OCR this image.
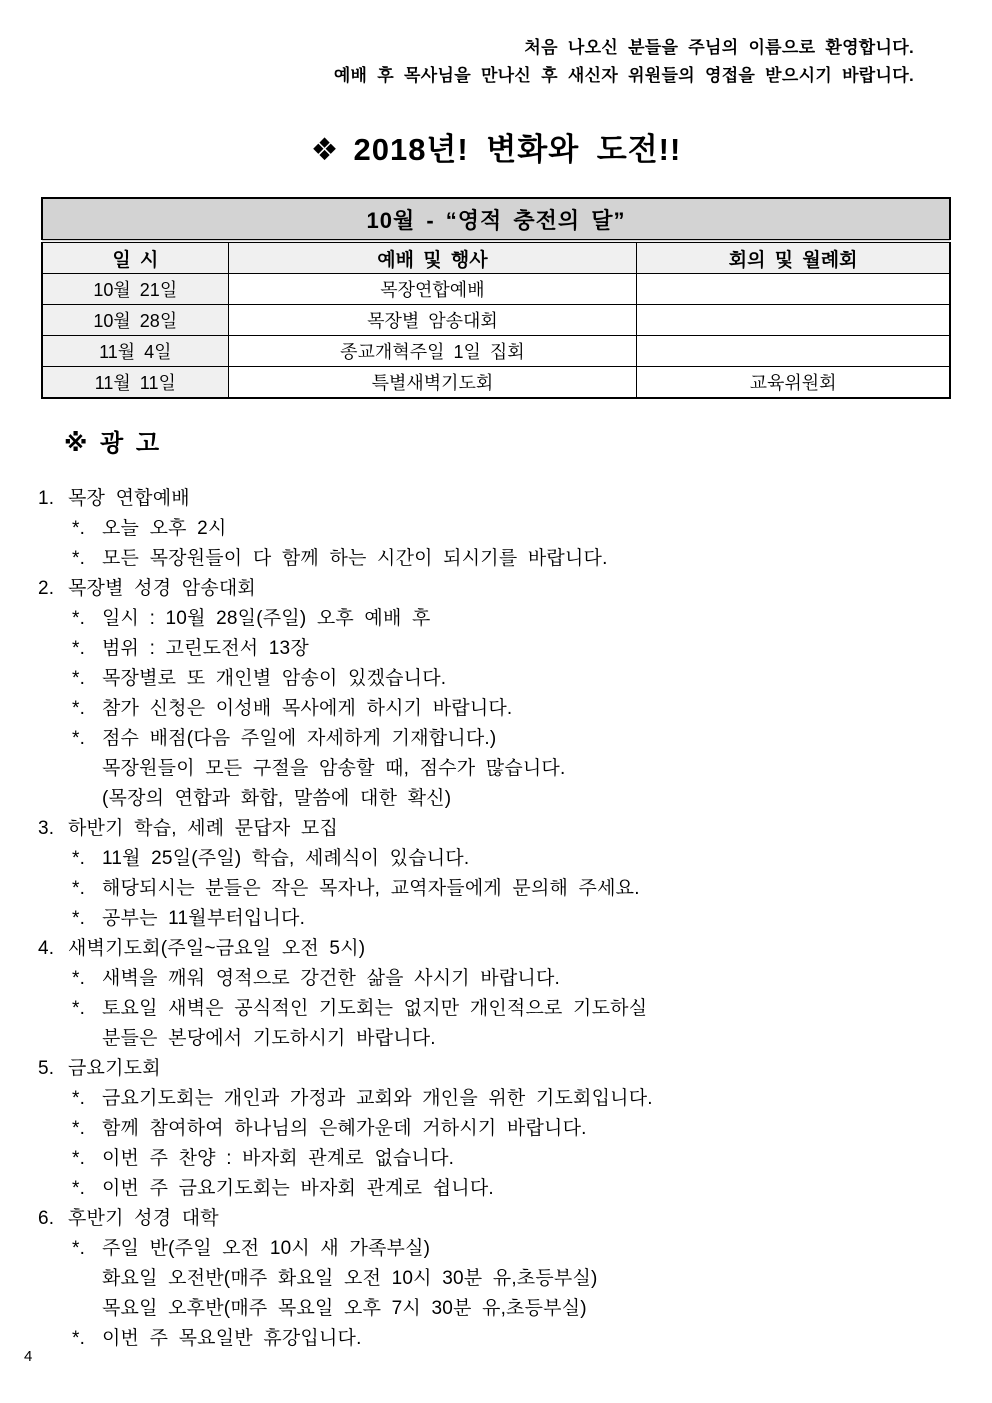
처음 나오신 분들을 주님의 이름으로 환영합니다.
예배 후 목사님을 만나신 후 새신자 위원들의 영접을 받으시기 바랍니다.
❖ 2018년! 변화와 도전!!
10월 - “영적 충전의 달”		
일 시	예배 및 행사	회의 및 월례회
10월 21일	목장연합예배	
10월 28일	목장별 암송대회	
11월 4일	종교개혁주일 1일 집회	
11월 11일	특별새벽기도회	교육위원회
※ 광 고
1. 목장 연합예배
*. 오늘 오후 2시
*. 모든 목장원들이 다 함께 하는 시간이 되시기를 바랍니다.
2. 목장별 성경 암송대회
*. 일시 : 10월 28일(주일) 오후 예배 후
*. 범위 : 고린도전서 13장
*. 목장별로 또 개인별 암송이 있겠습니다.
*. 참가 신청은 이성배 목사에게 하시기 바랍니다.
*. 점수 배점(다음 주일에 자세하게 기재합니다.)
목장원들이 모든 구절을 암송할 때, 점수가 많습니다.
(목장의 연합과 화합, 말씀에 대한 확신)
3. 하반기 학습, 세례 문답자 모집
*. 11월 25일(주일) 학습, 세례식이 있습니다.
*. 해당되시는 분들은 작은 목자나, 교역자들에게 문의해 주세요.
*. 공부는 11월부터입니다.
4. 새벽기도회(주일~금요일 오전 5시)
*. 새벽을 깨워 영적으로 강건한 삶을 사시기 바랍니다.
*. 토요일 새벽은 공식적인 기도회는 없지만 개인적으로 기도하실
분들은 본당에서 기도하시기 바랍니다.
5. 금요기도회
*. 금요기도회는 개인과 가정과 교회와 개인을 위한 기도회입니다.
*. 함께 참여하여 하나님의 은혜가운데 거하시기 바랍니다.
*. 이번 주 찬양 : 바자회 관계로 없습니다.
*. 이번 주 금요기도회는 바자회 관계로 쉽니다.
6. 후반기 성경 대학
*. 주일 반(주일 오전 10시 새 가족부실)
화요일 오전반(매주 화요일 오전 10시 30분 유,초등부실)
목요일 오후반(매주 목요일 오후 7시 30분 유,초등부실)
*. 이번 주 목요일반 휴강입니다.
4
